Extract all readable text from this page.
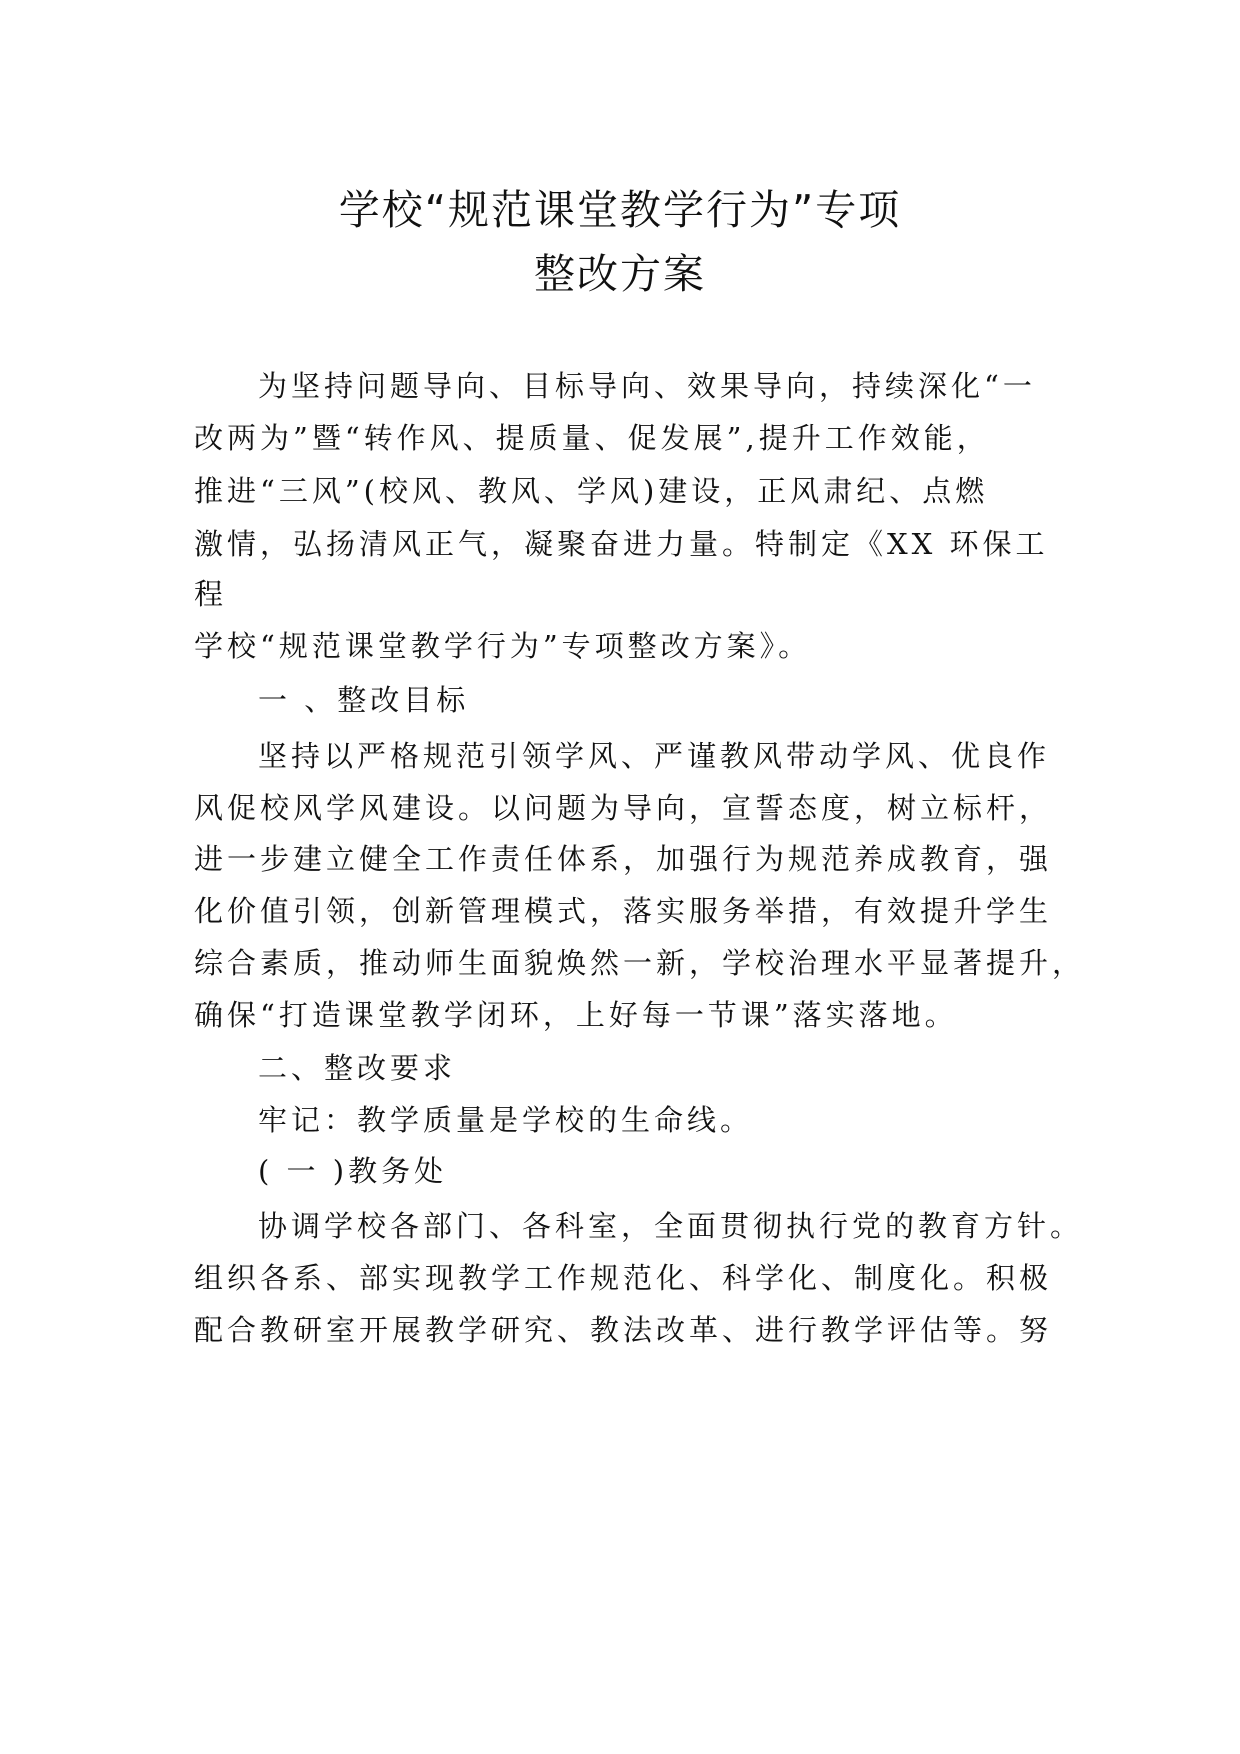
学校“规范课堂教学行为”专项
整改方案
为坚持问题导向、目标导向、效果导向，持续深化“一
改两为”暨“转作风、提质量、促发展”,提升工作效能，
推进“三风”(校风、教风、学风)建设，正风肃纪、点燃
激情，弘扬清风正气，凝聚奋进力量。特制定《XX 环保工
程
学校“规范课堂教学行为”专项整改方案》。
一 、整改目标
坚持以严格规范引领学风、严谨教风带动学风、优良作
风促校风学风建设。以问题为导向，宣誓态度，树立标杆，
进一步建立健全工作责任体系，加强行为规范养成教育，强
化价值引领，创新管理模式，落实服务举措，有效提升学生
综合素质，推动师生面貌焕然一新，学校治理水平显著提升，
确保“打造课堂教学闭环，上好每一节课”落实落地。
二、整改要求
牢记：教学质量是学校的生命线。
( 一 )教务处
协调学校各部门、各科室，全面贯彻执行党的教育方针。
组织各系、部实现教学工作规范化、科学化、制度化。积极
配合教研室开展教学研究、教法改革、进行教学评估等。努
